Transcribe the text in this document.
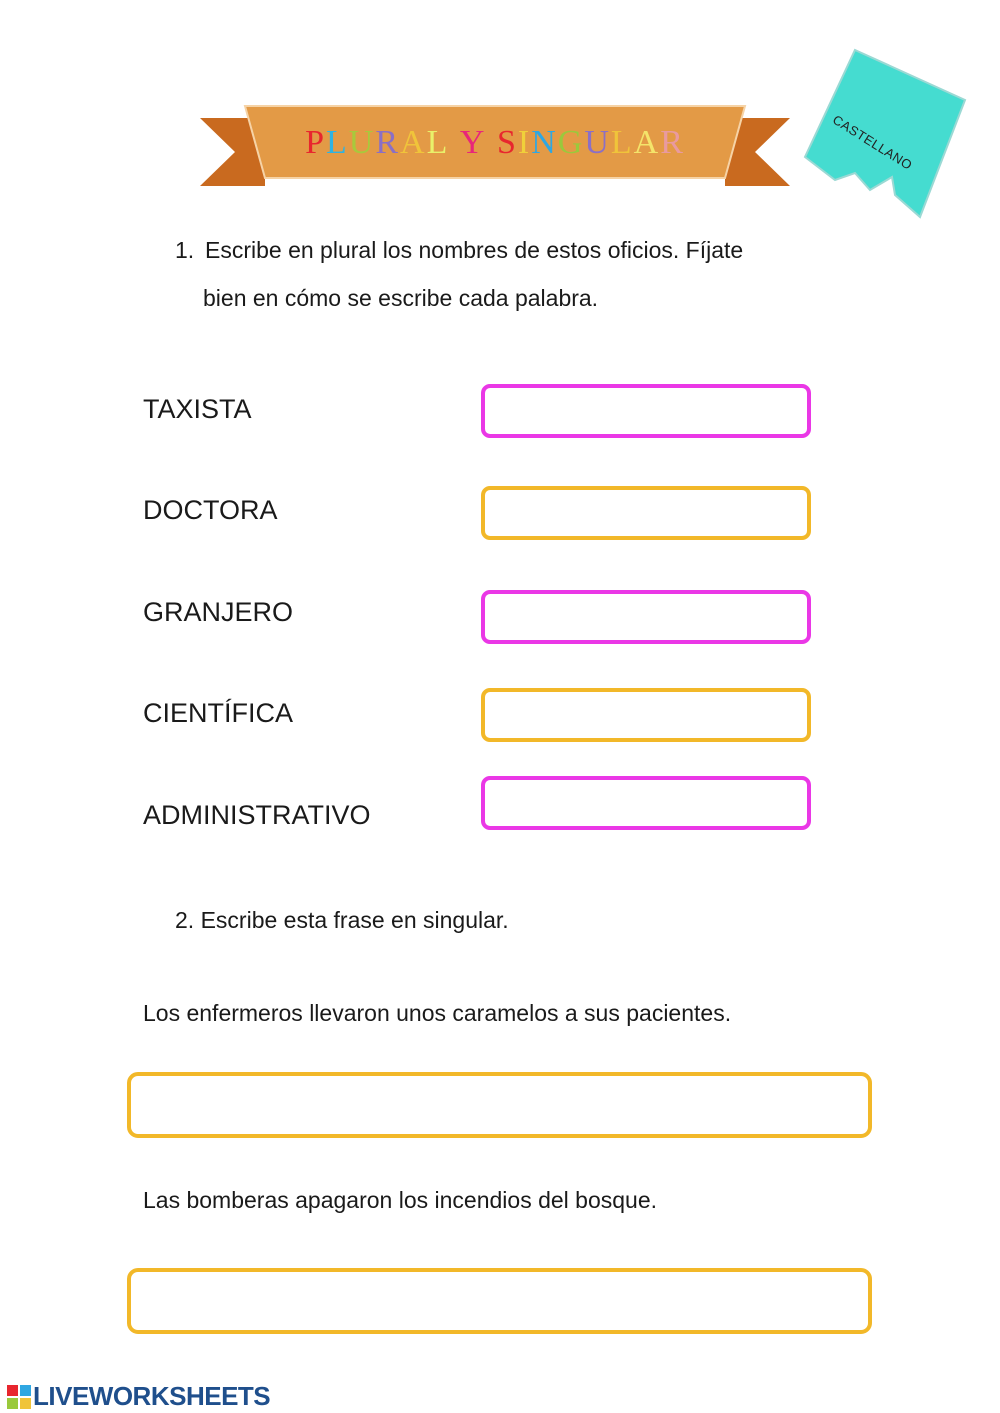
PLURAL Y SINGULAR	CASTELLANO
1. Escribe en plural los nombres de estos oficios. Fíjate
bien en cómo se escribe cada palabra.
TAXISTA
DOCTORA
GRANJERO
CIENTÍFICA
ADMINISTRATIVO
2. Escribe esta frase en singular.
Los enfermeros llevaron unos caramelos a sus pacientes.
Las bomberas apagaron los incendios del bosque.
LIVEWORKSHEETS
